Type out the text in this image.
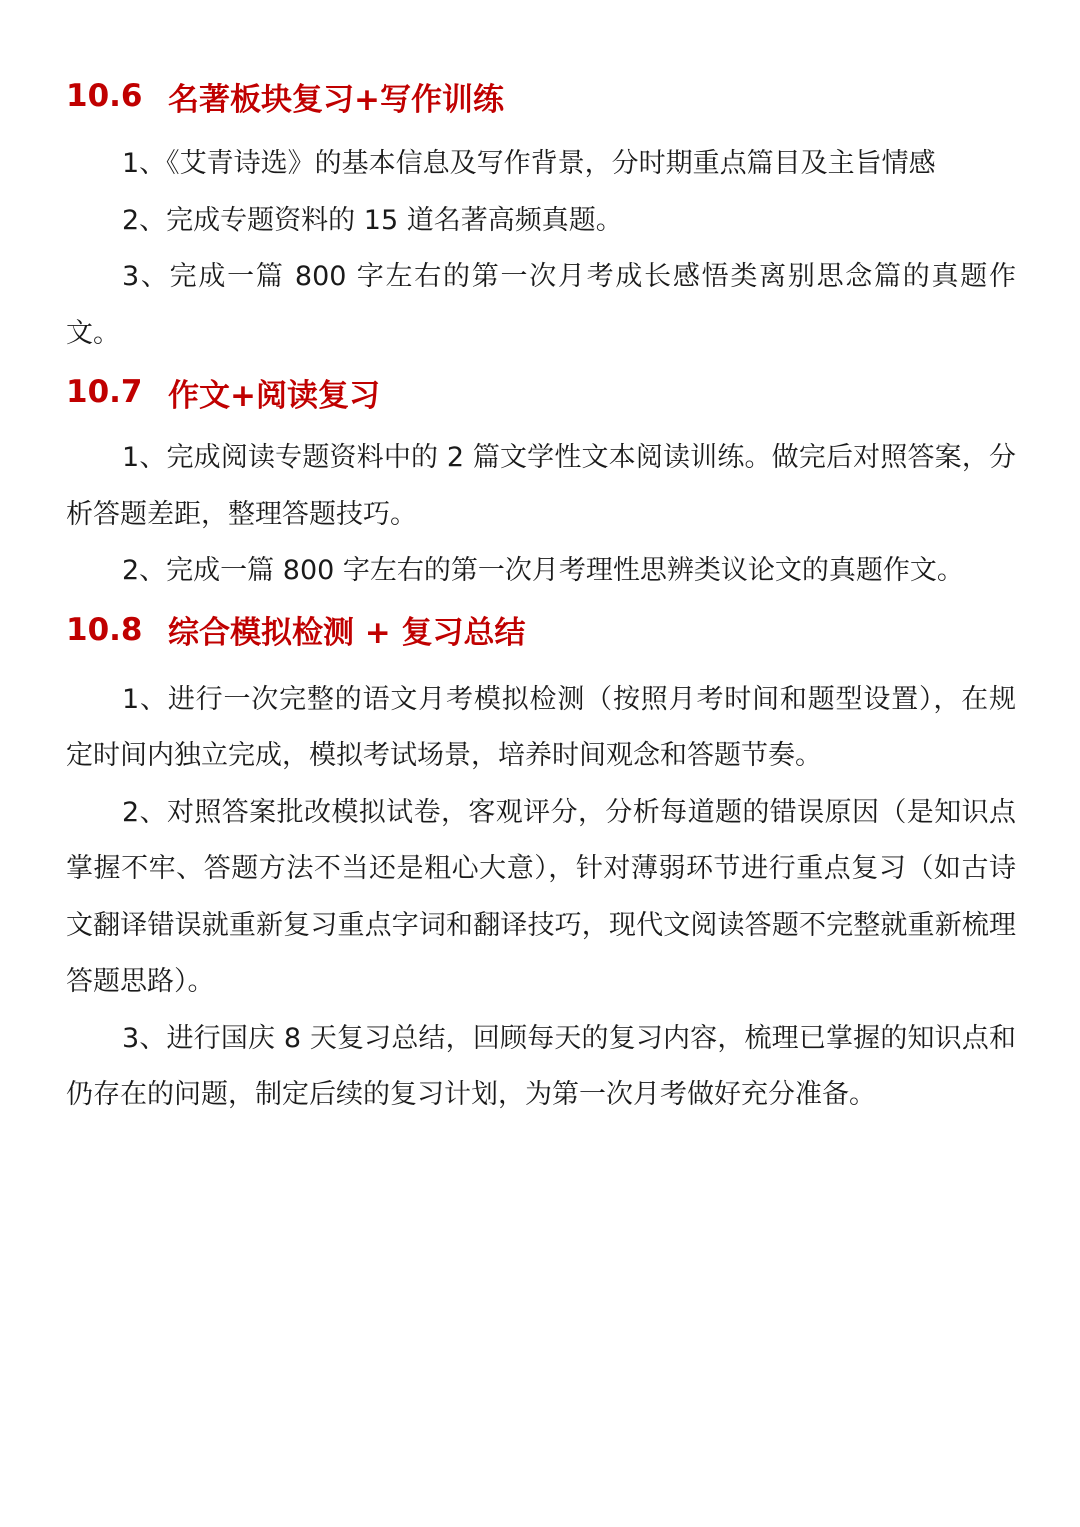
10.6 名著板块复习+写作训练

1、《艾青诗选》的基本信息及写作背景，分时期重点篇目及主旨情感

2、完成专题资料的 15 道名著高频真题。

3、完成一篇 800 字左右的第一次月考成长感悟类离别思念篇的真题作文。

10.7 作文+阅读复习

1、完成阅读专题资料中的 2 篇文学性文本阅读训练。做完后对照答案，分析答题差距，整理答题技巧。

2、完成一篇 800 字左右的第一次月考理性思辨类议论文的真题作文。

10.8 综合模拟检测 + 复习总结

1、进行一次完整的语文月考模拟检测（按照月考时间和题型设置），在规定时间内独立完成，模拟考试场景，培养时间观念和答题节奏。

2、对照答案批改模拟试卷，客观评分，分析每道题的错误原因（是知识点掌握不牢、答题方法不当还是粗心大意），针对薄弱环节进行重点复习（如古诗文翻译错误就重新复习重点字词和翻译技巧，现代文阅读答题不完整就重新梳理答题思路）。

3、进行国庆 8 天复习总结，回顾每天的复习内容，梳理已掌握的知识点和仍存在的问题，制定后续的复习计划，为第一次月考做好充分准备。
